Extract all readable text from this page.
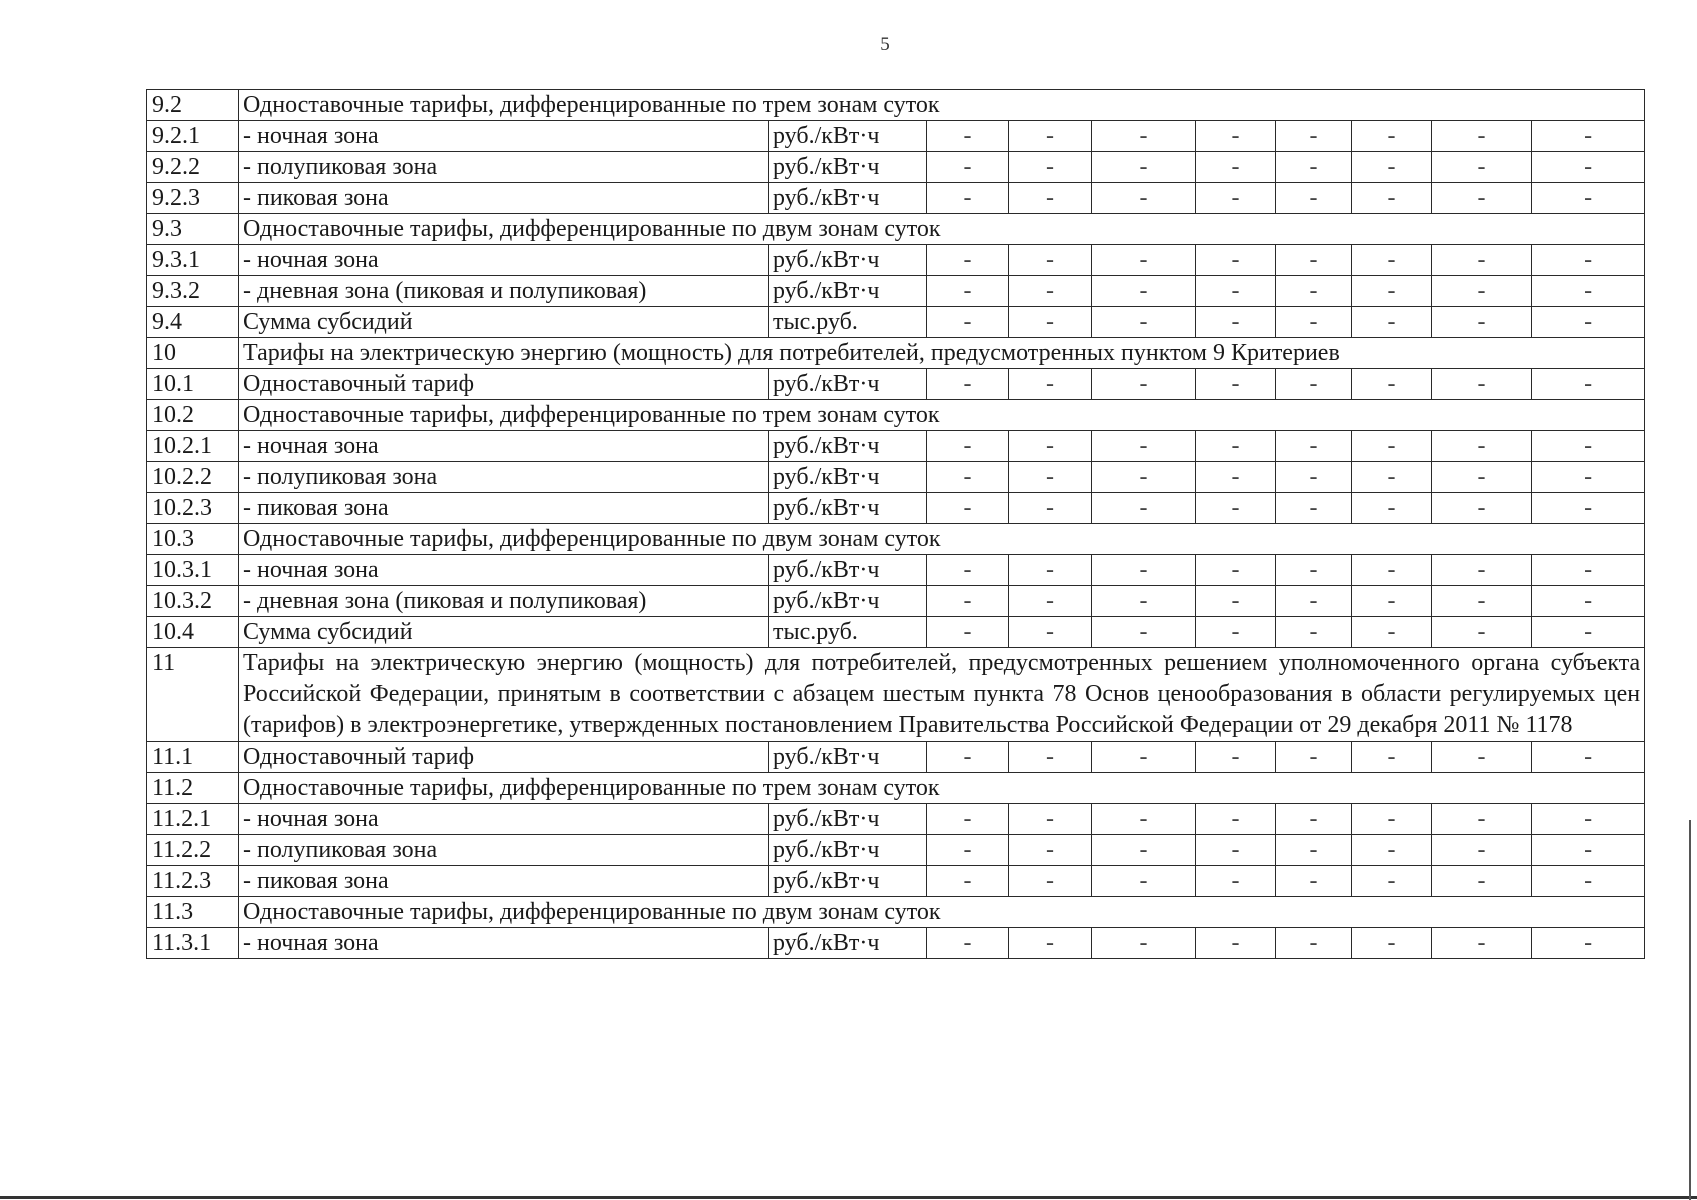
5
9.2	Одноставочные тарифы, дифференцированные по трем зонам суток									
9.2.1	- ночная зона	руб./кВт·ч	-	-	-	-	-	-	-	-
9.2.2	- полупиковая зона	руб./кВт·ч	-	-	-	-	-	-	-	-
9.2.3	- пиковая зона	руб./кВт·ч	-	-	-	-	-	-	-	-
9.3	Одноставочные тарифы, дифференцированные по двум зонам суток									
9.3.1	- ночная зона	руб./кВт·ч	-	-	-	-	-	-	-	-
9.3.2	- дневная зона (пиковая и полупиковая)	руб./кВт·ч	-	-	-	-	-	-	-	-
9.4	Сумма субсидий	тыс.руб.	-	-	-	-	-	-	-	-
10	Тарифы на электрическую энергию (мощность) для потребителей, предусмотренных пунктом 9 Критериев									
10.1	Одноставочный тариф	руб./кВт·ч	-	-	-	-	-	-	-	-
10.2	Одноставочные тарифы, дифференцированные по трем зонам суток									
10.2.1	- ночная зона	руб./кВт·ч	-	-	-	-	-	-	-	-
10.2.2	- полупиковая зона	руб./кВт·ч	-	-	-	-	-	-	-	-
10.2.3	- пиковая зона	руб./кВт·ч	-	-	-	-	-	-	-	-
10.3	Одноставочные тарифы, дифференцированные по двум зонам суток									
10.3.1	- ночная зона	руб./кВт·ч	-	-	-	-	-	-	-	-
10.3.2	- дневная зона (пиковая и полупиковая)	руб./кВт·ч	-	-	-	-	-	-	-	-
10.4	Сумма субсидий	тыс.руб.	-	-	-	-	-	-	-	-
11	Тарифы на электрическую энергию (мощность) для потребителей, предусмотренных решением уполномоченного органа субъекта Российской Федерации, принятым в соответствии с абзацем шестым пункта 78 Основ ценообразования в области регулируемых цен (тарифов) в электроэнергетике, утвержденных постановлением Правительства Российской Федерации от 29 декабря 2011 № 1178									
11.1	Одноставочный тариф	руб./кВт·ч	-	-	-	-	-	-	-	-
11.2	Одноставочные тарифы, дифференцированные по трем зонам суток									
11.2.1	- ночная зона	руб./кВт·ч	-	-	-	-	-	-	-	-
11.2.2	- полупиковая зона	руб./кВт·ч	-	-	-	-	-	-	-	-
11.2.3	- пиковая зона	руб./кВт·ч	-	-	-	-	-	-	-	-
11.3	Одноставочные тарифы, дифференцированные по двум зонам суток									
11.3.1	- ночная зона	руб./кВт·ч	-	-	-	-	-	-	-	-
